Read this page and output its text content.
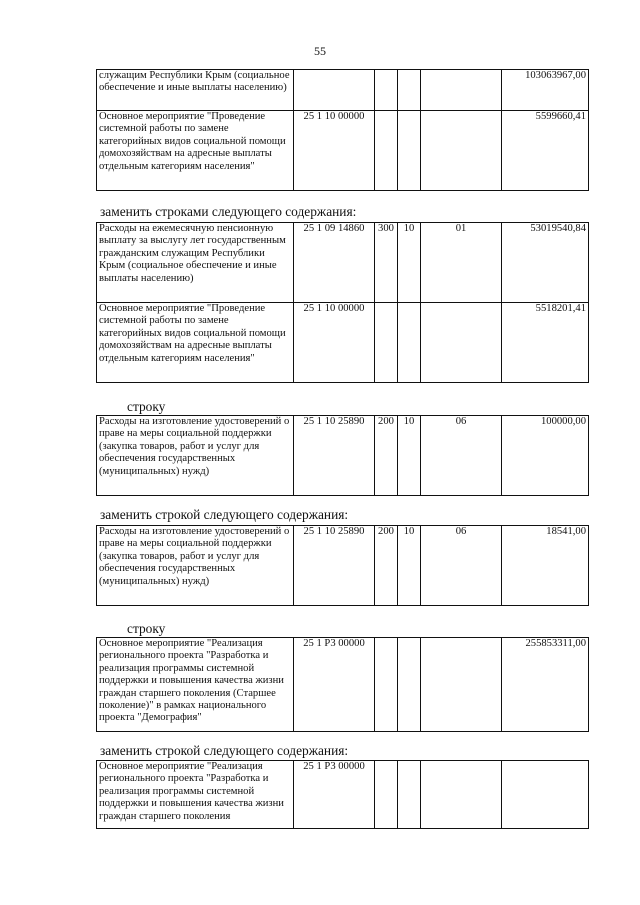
55
служащим Республики Крым (социальное обеспечение и иные выплаты населению)					103063967,00
Основное мероприятие "Проведение системной работы по замене категорийных видов социальной помощи домохозяйствам на адресные выплаты отдельным категориям населения"	25 1 10 00000				5599660,41
заменить строками следующего содержания:
Расходы на ежемесячную пенсионную выплату за выслугу лет государственным гражданским служащим Республики Крым (социальное обеспечение и иные выплаты населению)	25 1 09 14860	300	10	01	53019540,84
Основное мероприятие "Проведение системной работы по замене категорийных видов социальной помощи домохозяйствам на адресные выплаты отдельным категориям населения"	25 1 10 00000				5518201,41
строку
Расходы на изготовление удостоверений о праве на меры социальной поддержки (закупка товаров, работ и услуг для обеспечения государственных (муниципальных) нужд)	25 1 10 25890	200	10	06	100000,00
заменить строкой следующего содержания:
Расходы на изготовление удостоверений о праве на меры социальной поддержки (закупка товаров, работ и услуг для обеспечения государственных (муниципальных) нужд)	25 1 10 25890	200	10	06	18541,00
строку
Основное мероприятие "Реализация регионального проекта "Разработка и реализация программы системной поддержки и повышения качества жизни граждан старшего поколения (Старшее поколение)" в рамках национального проекта "Демография"	25 1 P3 00000				255853311,00
заменить строкой следующего содержания:
Основное мероприятие "Реализация регионального проекта "Разработка и реализация программы системной поддержки и повышения качества жизни граждан старшего поколения	25 1 P3 00000				
